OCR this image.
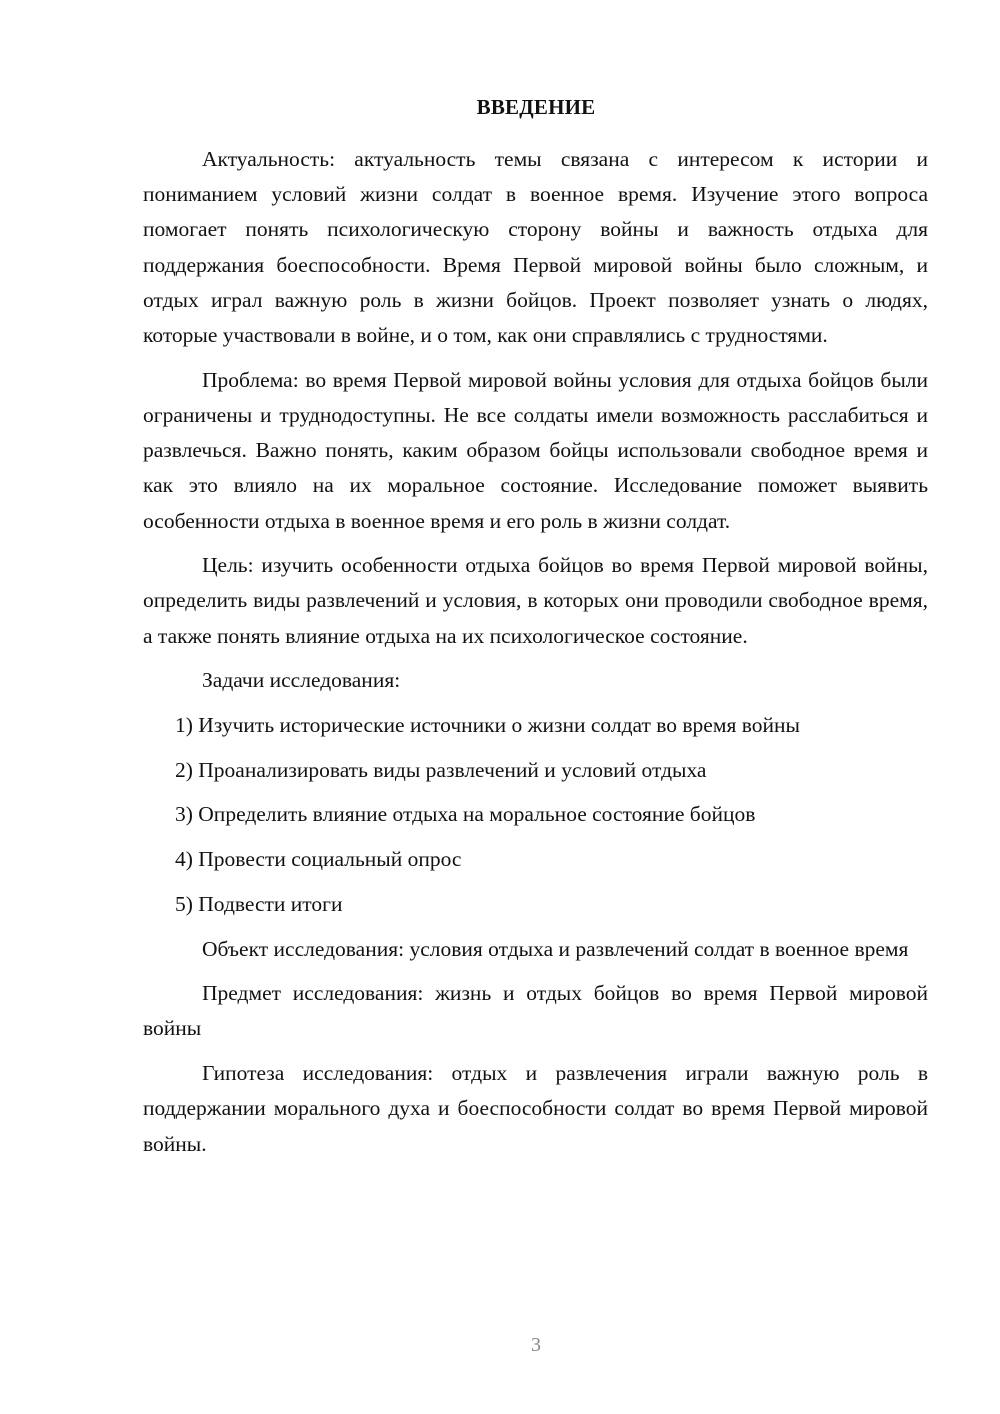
ВВЕДЕНИЕ

Актуальность: актуальность темы связана с интересом к истории и пониманием условий жизни солдат в военное время. Изучение этого вопроса помогает понять психологическую сторону войны и важность отдыха для поддержания боеспособности. Время Первой мировой войны было сложным, и отдых играл важную роль в жизни бойцов. Проект позволяет узнать о людях, которые участвовали в войне, и о том, как они справлялись с трудностями.

Проблема: во время Первой мировой войны условия для отдыха бойцов были ограничены и труднодоступны. Не все солдаты имели возможность расслабиться и развлечься. Важно понять, каким образом бойцы использовали свободное время и как это влияло на их моральное состояние. Исследование поможет выявить особенности отдыха в военное время и его роль в жизни солдат.

Цель: изучить особенности отдыха бойцов во время Первой мировой войны, определить виды развлечений и условия, в которых они проводили свободное время, а также понять влияние отдыха на их психологическое состояние.

Задачи исследования:

1) Изучить исторические источники о жизни солдат во время войны
2) Проанализировать виды развлечений и условий отдыха
3) Определить влияние отдыха на моральное состояние бойцов
4) Провести социальный опрос
5) Подвести итоги

Объект исследования: условия отдыха и развлечений солдат в военное время

Предмет исследования: жизнь и отдых бойцов во время Первой мировой войны

Гипотеза исследования: отдых и развлечения играли важную роль в поддержании морального духа и боеспособности солдат во время Первой мировой войны.

3
